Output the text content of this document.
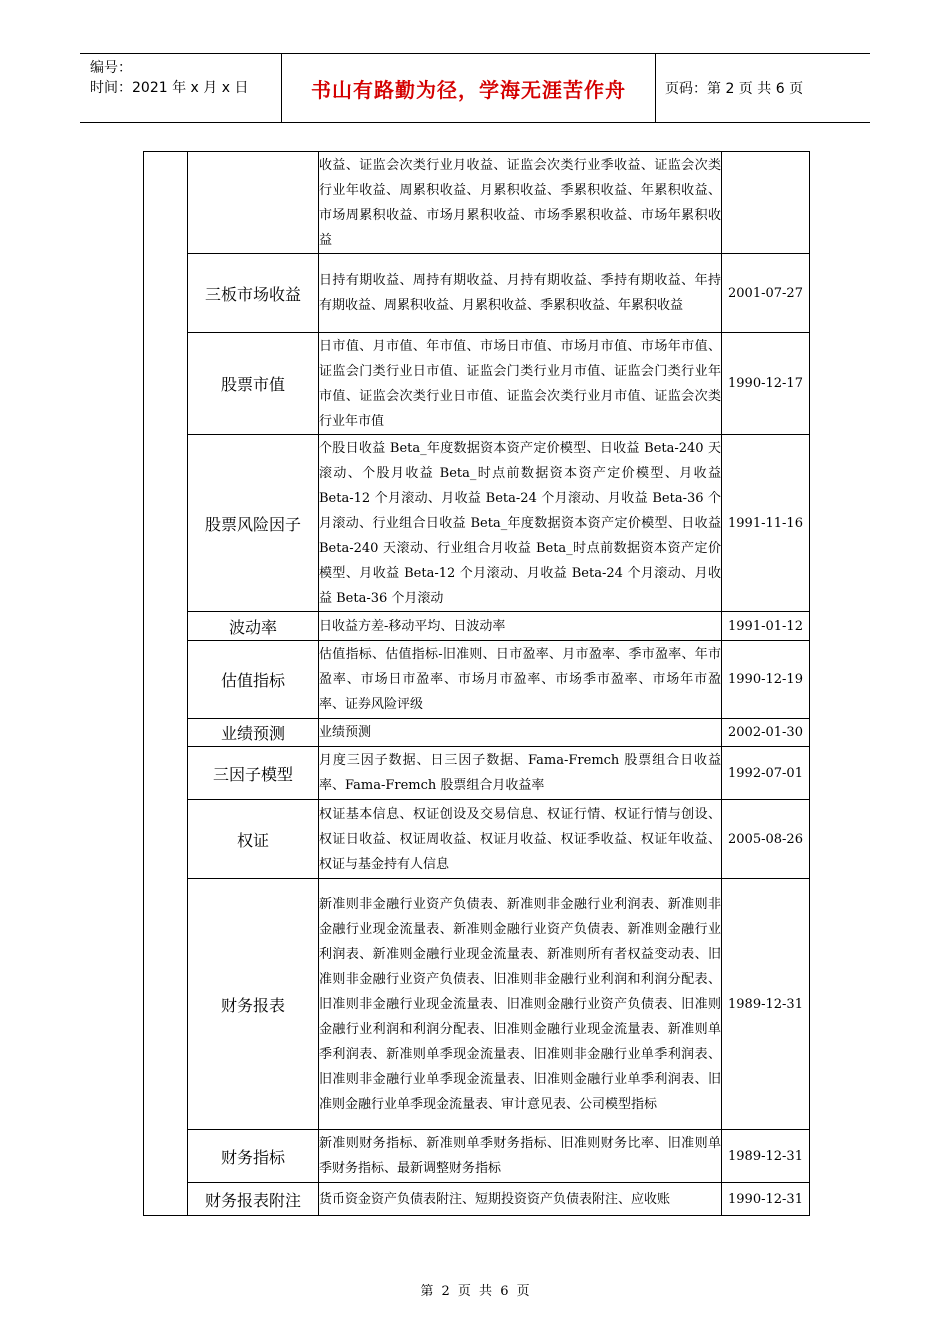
编号：
时间：2021 年 x 月 x 日	书山有路勤为径，学海无涯苦作舟	页码：第 2 页 共 6 页
		收益、证监会次类行业月收益、证监会次类行业季收益、证监会次类行业年收益、周累积收益、月累积收益、季累积收益、年累积收益、市场周累积收益、市场月累积收益、市场季累积收益、市场年累积收益	
	三板市场收益	日持有期收益、周持有期收益、月持有期收益、季持有期收益、年持有期收益、周累积收益、月累积收益、季累积收益、年累积收益	2001-07-27
	股票市值	日市值、月市值、年市值、市场日市值、市场月市值、市场年市值、证监会门类行业日市值、证监会门类行业月市值、证监会门类行业年市值、证监会次类行业日市值、证监会次类行业月市值、证监会次类行业年市值	1990-12-17
	股票风险因子	个股日收益 Beta_年度数据资本资产定价模型、日收益 Beta-240 天滚动、个股月收益 Beta_时点前数据资本资产定价模型、月收益 Beta-12 个月滚动、月收益 Beta-24 个月滚动、月收益 Beta-36 个月滚动、行业组合日收益 Beta_年度数据资本资产定价模型、日收益 Beta-240 天滚动、行业组合月收益 Beta_时点前数据资本资产定价模型、月收益 Beta-12 个月滚动、月收益 Beta-24 个月滚动、月收益 Beta-36 个月滚动	1991-11-16
	波动率	日收益方差-移动平均、日波动率	1991-01-12
	估值指标	估值指标、估值指标-旧准则、日市盈率、月市盈率、季市盈率、年市盈率、市场日市盈率、市场月市盈率、市场季市盈率、市场年市盈率、证券风险评级	1990-12-19
	业绩预测	业绩预测	2002-01-30
	三因子模型	月度三因子数据、日三因子数据、Fama-Fremch 股票组合日收益率、Fama-Fremch 股票组合月收益率	1992-07-01
	权证	权证基本信息、权证创设及交易信息、权证行情、权证行情与创设、权证日收益、权证周收益、权证月收益、权证季收益、权证年收益、权证与基金持有人信息	2005-08-26
	财务报表	新准则非金融行业资产负债表、新准则非金融行业利润表、新准则非金融行业现金流量表、新准则金融行业资产负债表、新准则金融行业利润表、新准则金融行业现金流量表、新准则所有者权益变动表、旧准则非金融行业资产负债表、旧准则非金融行业利润和利润分配表、旧准则非金融行业现金流量表、旧准则金融行业资产负债表、旧准则金融行业利润和利润分配表、旧准则金融行业现金流量表、新准则单季利润表、新准则单季现金流量表、旧准则非金融行业单季利润表、旧准则非金融行业单季现金流量表、旧准则金融行业单季利润表、旧准则金融行业单季现金流量表、审计意见表、公司模型指标	1989-12-31
	财务指标	新准则财务指标、新准则单季财务指标、旧准则财务比率、旧准则单季财务指标、最新调整财务指标	1989-12-31
	财务报表附注	货币资金资产负债表附注、短期投资资产负债表附注、应收账	1990-12-31
第 2 页 共 6 页
